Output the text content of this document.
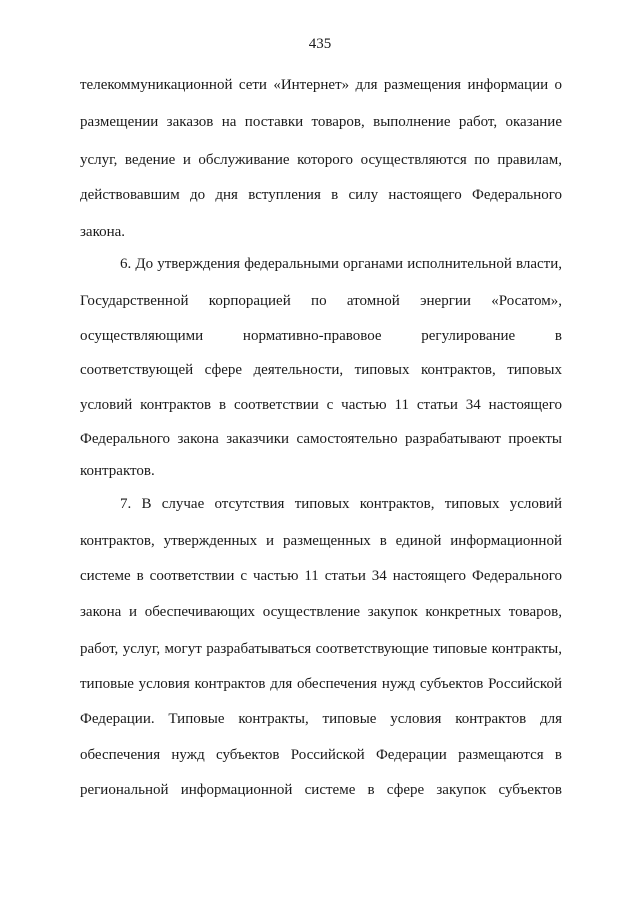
435
телекоммуникационной сети «Интернет» для размещения информации о
размещении заказов на поставки товаров, выполнение работ, оказание
услуг, ведение и обслуживание которого осуществляются по правилам,
действовавшим до дня вступления в силу настоящего Федерального
закона.
6. До утверждения федеральными органами исполнительной власти,
Государственной корпорацией по атомной энергии «Росатом»,
осуществляющими нормативно-правовое регулирование в
соответствующей сфере деятельности, типовых контрактов, типовых
условий контрактов в соответствии с частью 11 статьи 34 настоящего
Федерального закона заказчики самостоятельно разрабатывают проекты
контрактов.
7. В случае отсутствия типовых контрактов, типовых условий
контрактов, утвержденных и размещенных в единой информационной
системе в соответствии с частью 11 статьи 34 настоящего Федерального
закона и обеспечивающих осуществление закупок конкретных товаров,
работ, услуг, могут разрабатываться соответствующие типовые контракты,
типовые условия контрактов для обеспечения нужд субъектов Российской
Федерации. Типовые контракты, типовые условия контрактов для
обеспечения нужд субъектов Российской Федерации размещаются в
региональной информационной системе в сфере закупок субъектов
